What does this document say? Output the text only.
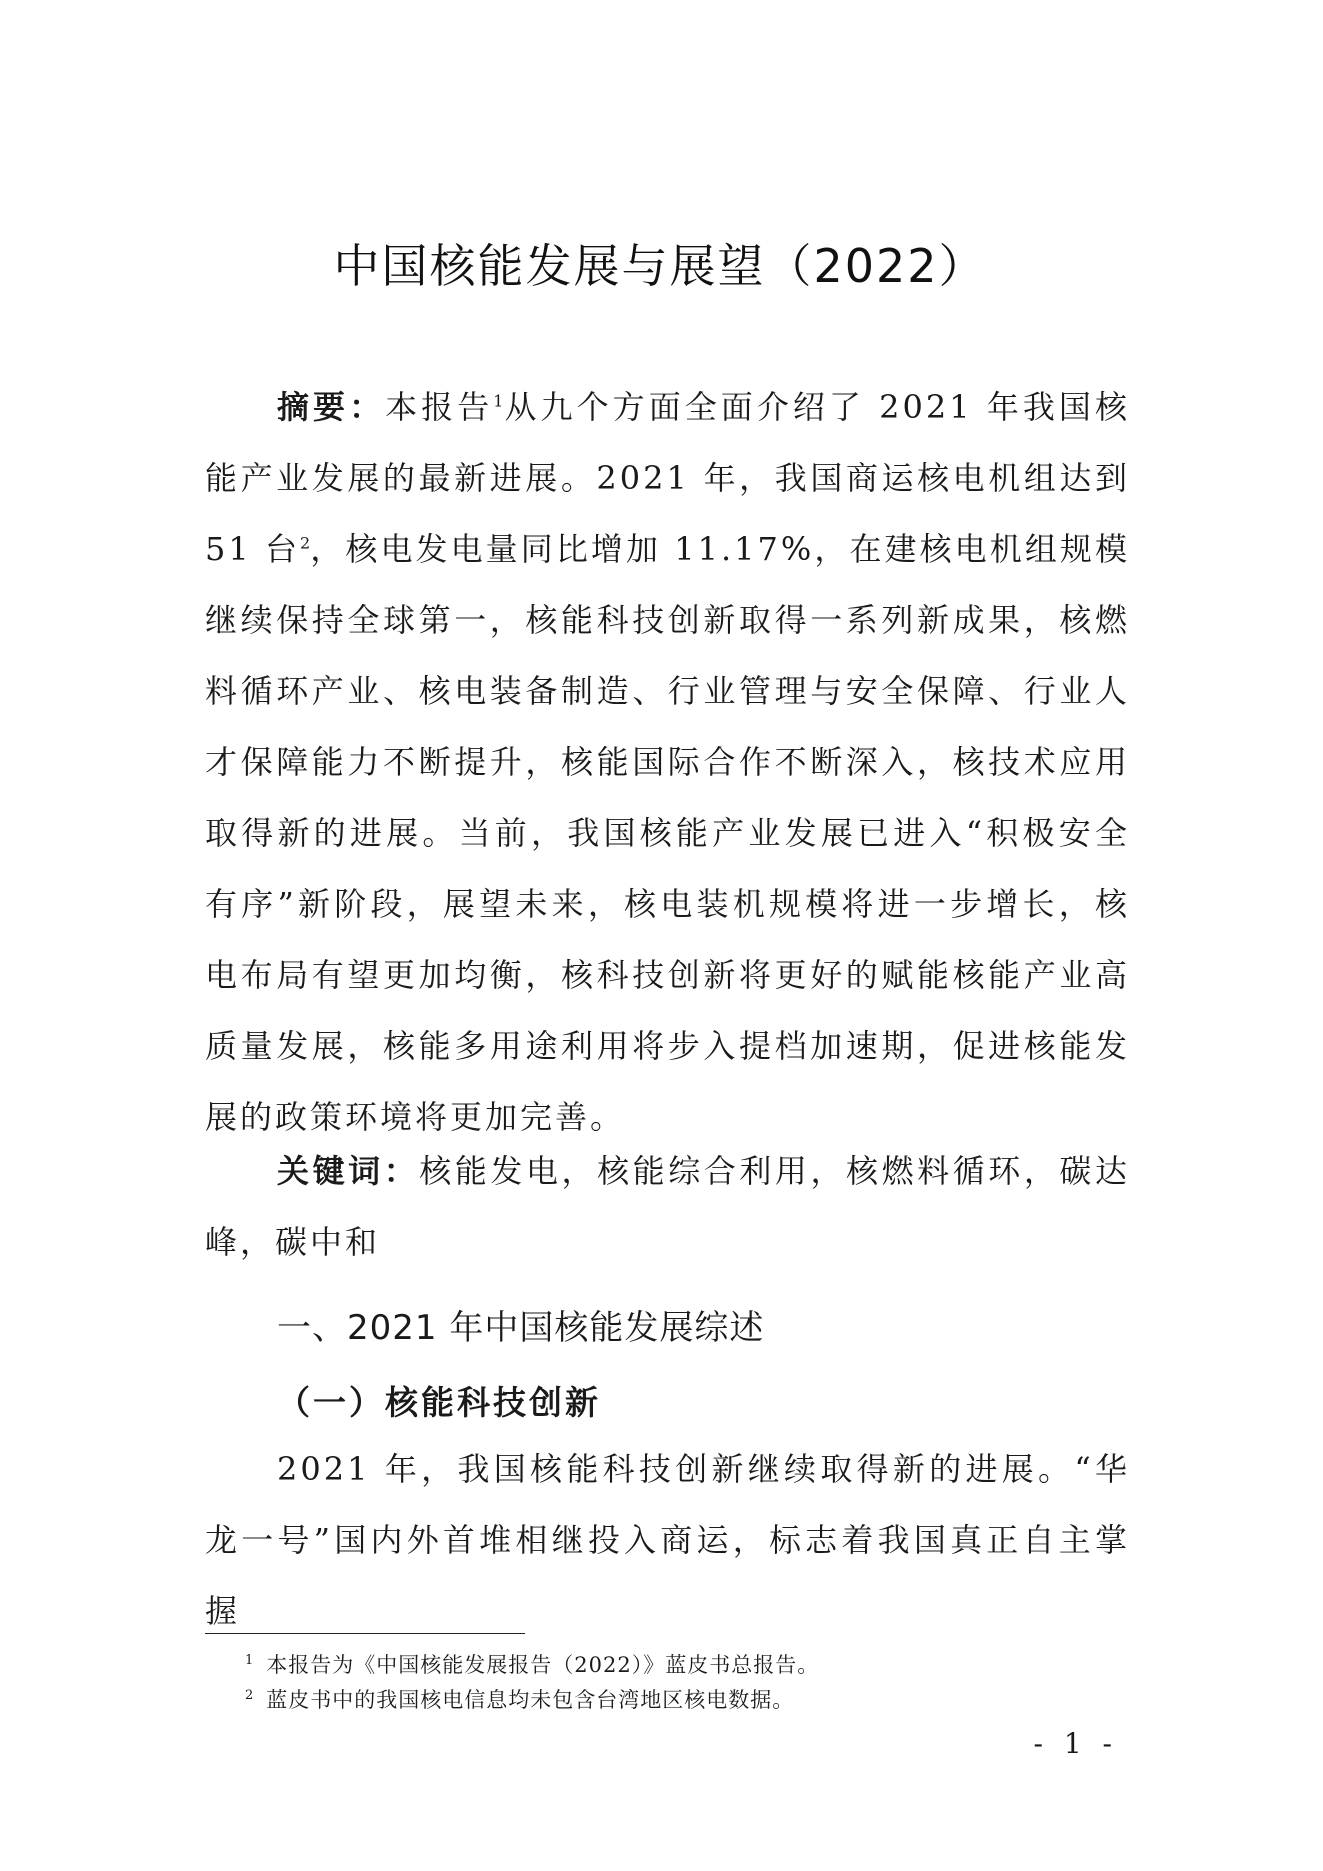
中国核能发展与展望（2022）
摘要：本报告$^1$从九个方面全面介绍了 2021 年我国核能产业发展的最新进展。2021 年，我国商运核电机组达到 51 台$^2$，核电发电量同比增加 11.17%，在建核电机组规模继续保持全球第一，核能科技创新取得一系列新成果，核燃料循环产业、核电装备制造、行业管理与安全保障、行业人才保障能力不断提升，核能国际合作不断深入，核技术应用取得新的进展。当前，我国核能产业发展已进入“积极安全有序”新阶段，展望未来，核电装机规模将进一步增长，核电布局有望更加均衡，核科技创新将更好的赋能核能产业高质量发展，核能多用途利用将步入提档加速期，促进核能发展的政策环境将更加完善。
关键词：核能发电，核能综合利用，核燃料循环，碳达峰，碳中和
一、2021 年中国核能发展综述
（一）核能科技创新
2021 年，我国核能科技创新继续取得新的进展。“华龙一号”国内外首堆相继投入商运，标志着我国真正自主掌握
$^1$ 本报告为《中国核能发展报告（2022）》蓝皮书总报告。
$^2$ 蓝皮书中的我国核电信息均未包含台湾地区核电数据。
- 1 -
